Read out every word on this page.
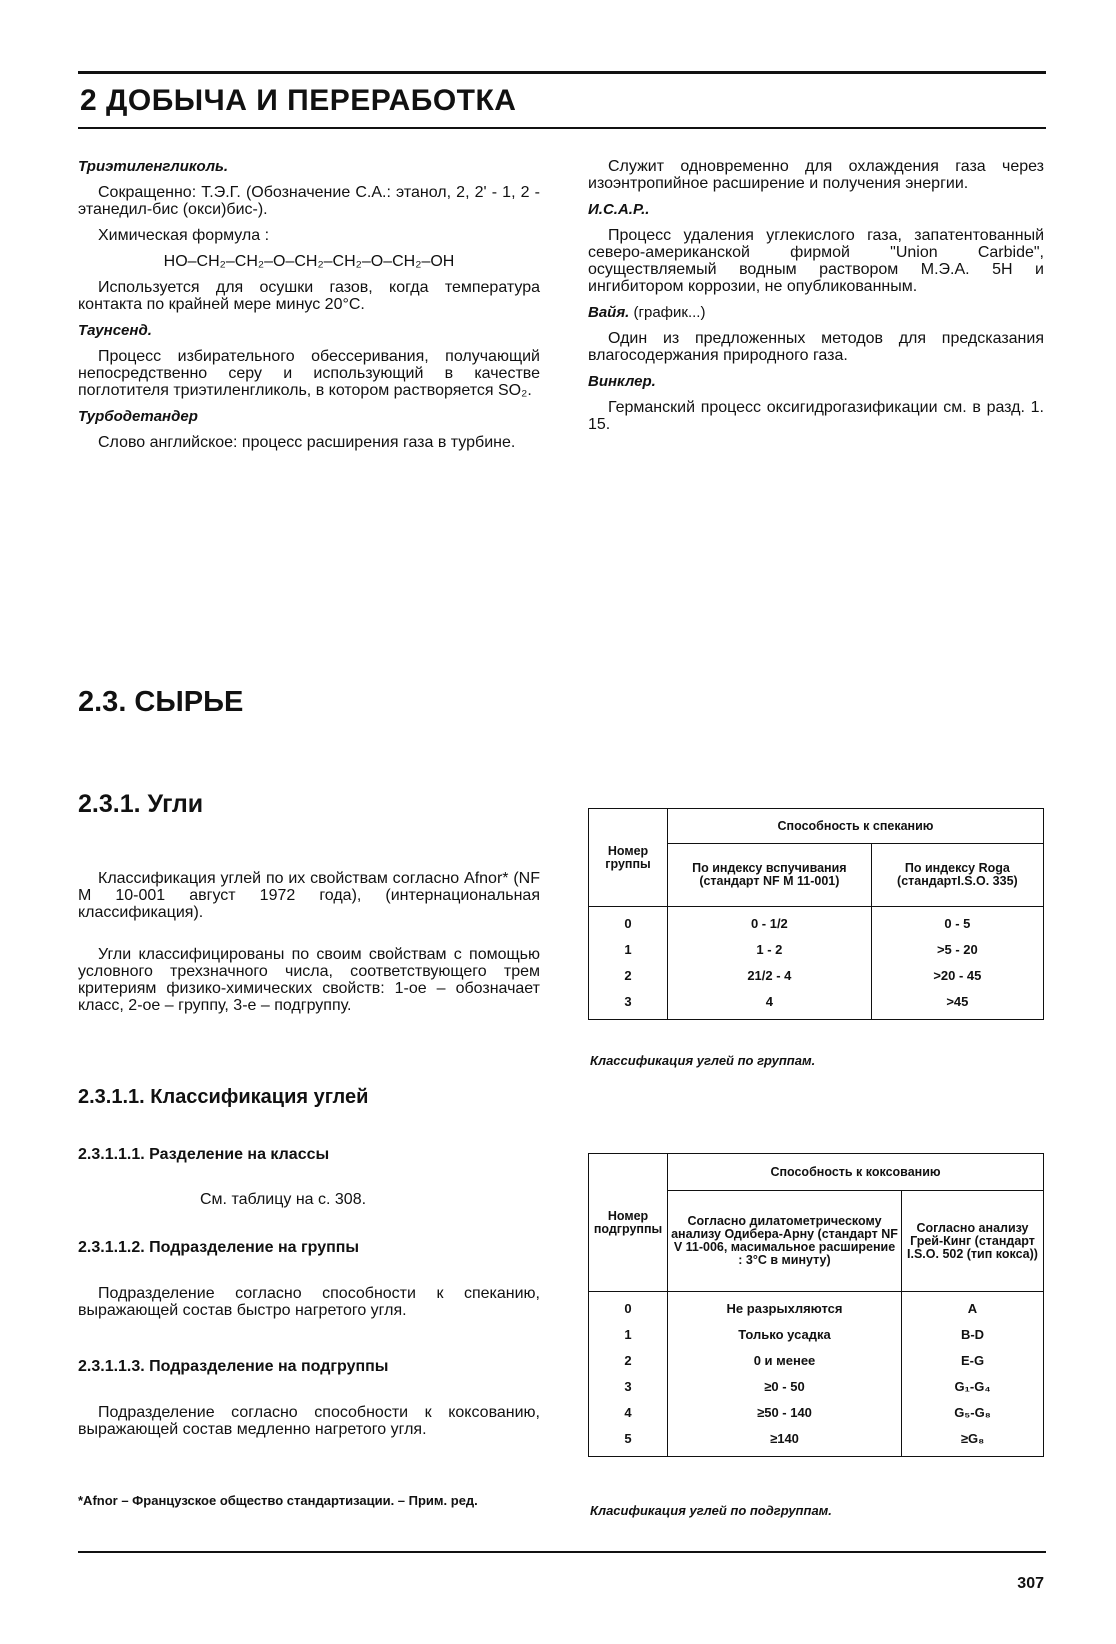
2 ДОБЫЧА И ПЕРЕРАБОТКА

Триэтиленгликоль.

Сокращенно: Т.Э.Г. (Обозначение С.А.: этанол, 2, 2' - 1, 2 - этанедил-бис (окси)бис-).

Химическая формула :

HO–CH₂–CH₂–O–CH₂–CH₂–O–CH₂–OH

Используется для осушки газов, когда температура контакта по крайней мере минус 20°С.

Таунсенд.

Процесс избирательного обессеривания, получающий непосредственно серу и использующий в качестве поглотителя триэтиленгликоль, в котором растворяется SO₂.

Турбодетандер

Слово английское: процесс расширения газа в турбине.

Служит одновременно для охлаждения газа через изоэнтропийное расширение и получения энергии.

И.С.А.Р..

Процесс удаления углекислого газа, запатентованный северо-американской фирмой "Union Carbide", осуществляемый водным раствором М.Э.А. 5Н и ингибитором коррозии, не опубликованным.

Вайя. (график...)

Один из предложенных методов для предсказания влагосодержания природного газа.

Винклер.

Германский процесс оксигидрогазификации см. в разд. 1. 15.

2.3. СЫРЬЕ
2.3.1. Угли

Классификация углей по их свойствам согласно Afnor* (NF M 10-001 август 1972 года), (интернациональная классификация).

Угли классифицированы по своим свойствам с помощью условного трехзначного числа, соответствующего трем критериям физико-химических свойств: 1-ое – обозначает класс, 2-ое – группу, 3-е – подгруппу.

2.3.1.1. Классификация углей
2.3.1.1.1. Разделение на классы

См. таблицу на с. 308.

2.3.1.1.2. Подразделение на группы

Подразделение согласно способности к спеканию, выражающей состав быстро нагретого угля.

2.3.1.1.3. Подразделение на подгруппы

Подразделение согласно способности к коксованию, выражающей состав медленно нагретого угля.

*Afnor – Французское общество стандартизации. – Прим. ред.

Номер группы	Способность к спеканию	
	По индексу вспучивания (стандарт NF M 11-001)	По индексу Roga (стандартI.S.O. 335)
0	0 - 1/2	0 - 5
1	1 - 2	>5 - 20
2	21/2 - 4	>20 - 45
3	4	>45
Классификация углей по группам.
Номер подгруппы	Способность к коксованию	
	Согласно дилатометрическому анализу Одибера-Арну (стандарт NF V 11-006, масимальное расширение : 3°С в минуту)	Согласно анализу Грей-Кинг (стандарт I.S.O. 502 (тип кокса))
0	Не разрыхляются	A
1	Только усадка	B-D
2	0 и менее	E-G
3	≥0 - 50	G₁-G₄
4	≥50 - 140	G₅-G₈
5	≥140	≥G₈
Класификация углей по подгруппам.
307
